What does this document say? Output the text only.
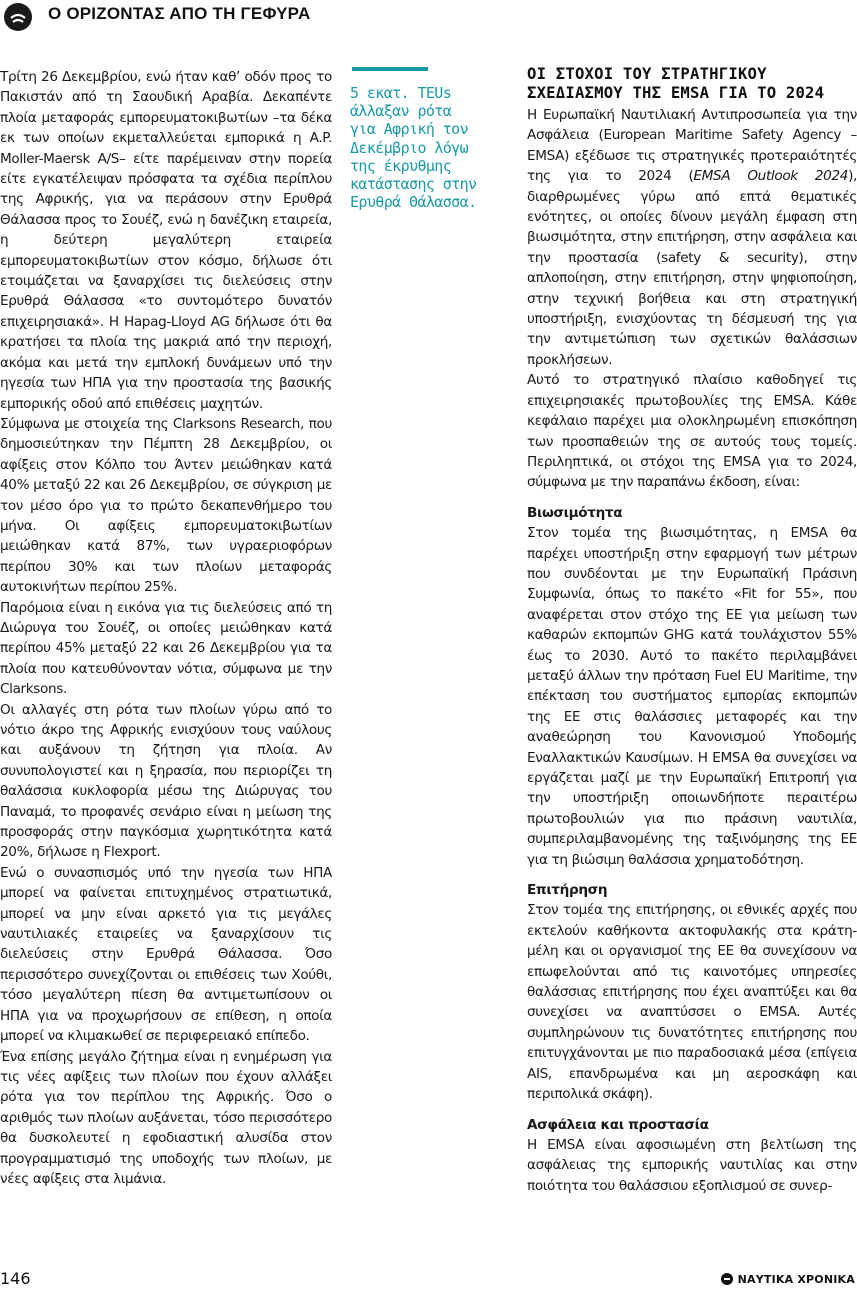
Ο ΟΡΙΖΟΝΤΑΣ ΑΠΟ ΤΗ ΓΕΦΥΡΑ

Τρίτη 26 Δεκεμβρίου, ενώ ήταν καθ’ οδόν προς το Πακιστάν από τη Σαουδική Αραβία. Δεκαπέντε πλοία μεταφοράς εμπορευματοκιβωτίων –τα δέκα εκ των οποίων εκμεταλλεύεται εμπορικά η A.P. Moller-Maersk A/S– είτε παρέμειναν στην πορεία είτε εγκατέλειψαν πρόσφατα τα σχέδια περίπλου της Αφρικής, για να περάσουν στην Ερυθρά Θάλασσα προς το Σουέζ, ενώ η δανέζικη εταιρεία, η δεύτερη μεγαλύτερη εταιρεία εμπορευματοκιβωτίων στον κόσμο, δήλωσε ότι ετοιμάζεται να ξαναρχίσει τις διελεύσεις στην Ερυθρά Θάλασσα «το συντομότερο δυνατόν επιχειρησιακά». Η Hapag-Lloyd AG δήλωσε ότι θα κρατήσει τα πλοία της μακριά από την περιοχή, ακόμα και μετά την εμπλοκή δυνάμεων υπό την ηγεσία των ΗΠΑ για την προστασία της βασικής εμπορικής οδού από επιθέσεις μαχητών.

Σύμφωνα με στοιχεία της Clarksons Research, που δημοσιεύτηκαν την Πέμπτη 28 Δεκεμβρίου, οι αφίξεις στον Κόλπο του Άντεν μειώθηκαν κατά 40% μεταξύ 22 και 26 Δεκεμβρίου, σε σύγκριση με τον μέσο όρο για το πρώτο δεκαπενθήμερο του μήνα. Οι αφίξεις εμπορευματοκιβωτίων μειώθηκαν κατά 87%, των υγραεριοφόρων περίπου 30% και των πλοίων μεταφοράς αυτοκινήτων περίπου 25%.

Παρόμοια είναι η εικόνα για τις διελεύσεις από τη Διώρυγα του Σουέζ, οι οποίες μειώθηκαν κατά περίπου 45% μεταξύ 22 και 26 Δεκεμβρίου για τα πλοία που κατευθύνονταν νότια, σύμφωνα με την Clarksons.

Οι αλλαγές στη ρότα των πλοίων γύρω από το νότιο άκρο της Αφρικής ενισχύουν τους ναύλους και αυξάνουν τη ζήτηση για πλοία. Αν συνυπολογιστεί και η ξηρασία, που περιορίζει τη θαλάσσια κυκλοφορία μέσω της Διώρυγας του Παναμά, το προφανές σενάριο είναι η μείωση της προσφοράς στην παγκόσμια χωρητικότητα κατά 20%, δήλωσε η Flexport.

Ενώ ο συνασπισμός υπό την ηγεσία των ΗΠΑ μπορεί να φαίνεται επιτυχημένος στρατιωτικά, μπορεί να μην είναι αρκετό για τις μεγάλες ναυτιλιακές εταιρείες να ξαναρχίσουν τις διελεύσεις στην Ερυθρά Θάλασσα. Όσο περισσότερο συνεχίζονται οι επιθέσεις των Χούθι, τόσο μεγαλύτερη πίεση θα αντιμετωπίσουν οι ΗΠΑ για να προχωρήσουν σε επίθεση, η οποία μπορεί να κλιμακωθεί σε περιφερειακό επίπεδο.

Ένα επίσης μεγάλο ζήτημα είναι η ενημέρωση για τις νέες αφίξεις των πλοίων που έχουν αλλάξει ρότα για τον περίπλου της Αφρικής. Όσο ο αριθμός των πλοίων αυξάνεται, τόσο περισσότερο θα δυσκολευτεί η εφοδιαστική αλυσίδα στον προγραμματισμό της υποδοχής των πλοίων, με νέες αφίξεις στα λιμάνια.

5 εκατ. TEUs
άλλαξαν ρότα
για Αφρική τον
Δεκέμβριο λόγω
της έκρυθμης
κατάστασης στην
Ερυθρά Θάλασσα.
ΟΙ ΣΤΟΧΟΙ ΤΟΥ ΣΤΡΑΤΗΓΙΚΟΥ
ΣΧΕΔΙΑΣΜΟΥ ΤΗΣ EMSA ΓΙΑ ΤΟ 2024

Η Ευρωπαϊκή Ναυτιλιακή Αντιπροσωπεία για την Ασφάλεια (European Maritime Safety Agency – EMSA) εξέδωσε τις στρατηγικές προτεραιότητές της για το 2024 (EMSA Outlook 2024), διαρθρωμένες γύρω από επτά θεματικές ενότητες, οι οποίες δίνουν μεγάλη έμφαση στη βιωσιμότητα, στην επιτήρηση, στην ασφάλεια και την προστασία (safety & security), στην απλοποίηση, στην επιτήρηση, στην ψηφιοποίηση, στην τεχνική βοήθεια και στη στρατηγική υποστήριξη, ενισχύοντας τη δέσμευσή της για την αντιμετώπιση των σχετικών θαλάσσιων προκλήσεων.

Αυτό το στρατηγικό πλαίσιο καθοδηγεί τις επιχειρησιακές πρωτοβουλίες της EMSA. Κάθε κεφάλαιο παρέχει μια ολοκληρωμένη επισκόπηση των προσπαθειών της σε αυτούς τους τομείς. Περιληπτικά, οι στόχοι της EMSA για το 2024, σύμφωνα με την παραπάνω έκδοση, είναι:

Βιωσιμότητα

Στον τομέα της βιωσιμότητας, η EMSA θα παρέχει υποστήριξη στην εφαρμογή των μέτρων που συνδέονται με την Ευρωπαϊκή Πράσινη Συμφωνία, όπως το πακέτο «Fit for 55», που αναφέρεται στον στόχο της ΕΕ για μείωση των καθαρών εκπομπών GHG κατά τουλάχιστον 55% έως το 2030. Αυτό το πακέτο περιλαμβάνει μεταξύ άλλων την πρόταση Fuel EU Maritime, την επέκταση του συστήματος εμπορίας εκπομπών της ΕΕ στις θαλάσσιες μεταφορές και την αναθεώρηση του Κανονισμού Υποδομής Εναλλακτικών Καυσίμων. Η EMSA θα συνεχίσει να εργάζεται μαζί με την Ευρωπαϊκή Επιτροπή για την υποστήριξη οποιωνδήποτε περαιτέρω πρωτοβουλιών για πιο πράσινη ναυτιλία, συμπεριλαμβανομένης της ταξινόμησης της ΕΕ για τη βιώσιμη θαλάσσια χρηματοδότηση.

Επιτήρηση

Στον τομέα της επιτήρησης, οι εθνικές αρχές που εκτελούν καθήκοντα ακτοφυλακής στα κράτη-μέλη και οι οργανισμοί της ΕΕ θα συνεχίσουν να επωφελούνται από τις καινοτόμες υπηρεσίες θαλάσσιας επιτήρησης που έχει αναπτύξει και θα συνεχίσει να αναπτύσσει ο EMSA. Αυτές συμπληρώνουν τις δυνατότητες επιτήρησης που επιτυγχάνονται με πιο παραδοσιακά μέσα (επίγεια AIS, επανδρωμένα και μη αεροσκάφη και περιπολικά σκάφη).

Ασφάλεια και προστασία

Η EMSA είναι αφοσιωμένη στη βελτίωση της ασφάλειας της εμπορικής ναυτιλίας και στην ποιότητα του θαλάσσιου εξοπλισμού σε συνερ-

146	ΝΑΥΤΙΚΑ ΧΡΟΝΙΚΑ
